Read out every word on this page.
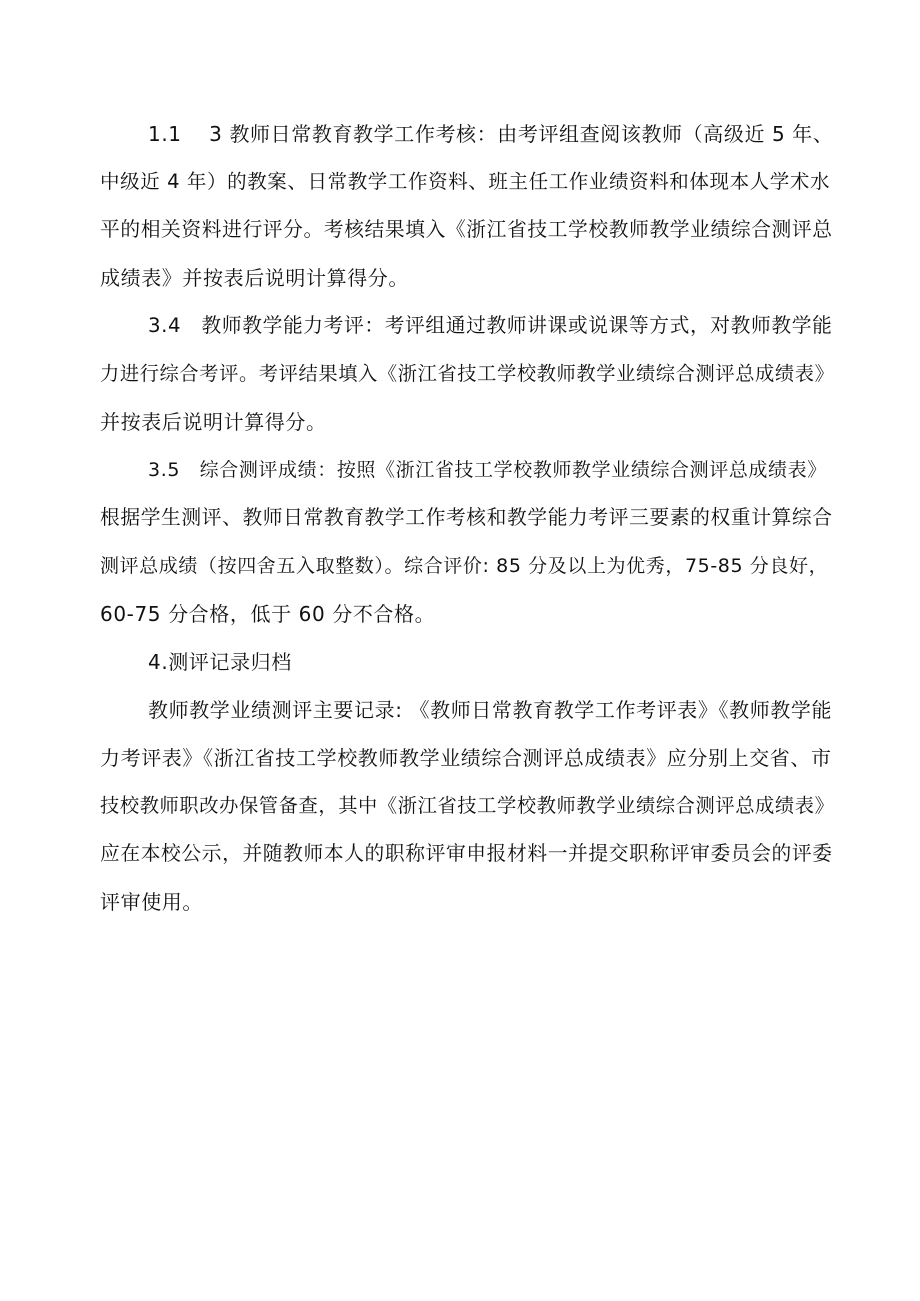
1.1　 3 教师日常教育教学工作考核：由考评组查阅该教师（高级近 5 年、
中级近 4 年）的教案、日常教学工作资料、班主任工作业绩资料和体现本人学术水
平的相关资料进行评分。考核结果填入《浙江省技工学校教师教学业绩综合测评总
成绩表》并按表后说明计算得分。

3.4　教师教学能力考评：考评组通过教师讲课或说课等方式，对教师教学能
力进行综合考评。考评结果填入《浙江省技工学校教师教学业绩综合测评总成绩表》
并按表后说明计算得分。

3.5　综合测评成绩：按照《浙江省技工学校教师教学业绩综合测评总成绩表》
根据学生测评、教师日常教育教学工作考核和教学能力考评三要素的权重计算综合
测评总成绩（按四舍五入取整数）。综合评价: 85 分及以上为优秀，75-85 分良好，
60-75 分合格，低于 60 分不合格。

4.测评记录归档

教师教学业绩测评主要记录: 《教师日常教育教学工作考评表》《教师教学能
力考评表》《浙江省技工学校教师教学业绩综合测评总成绩表》应分别上交省、市
技校教师职改办保管备查，其中《浙江省技工学校教师教学业绩综合测评总成绩表》
应在本校公示，并随教师本人的职称评审申报材料一并提交职称评审委员会的评委
评审使用。
